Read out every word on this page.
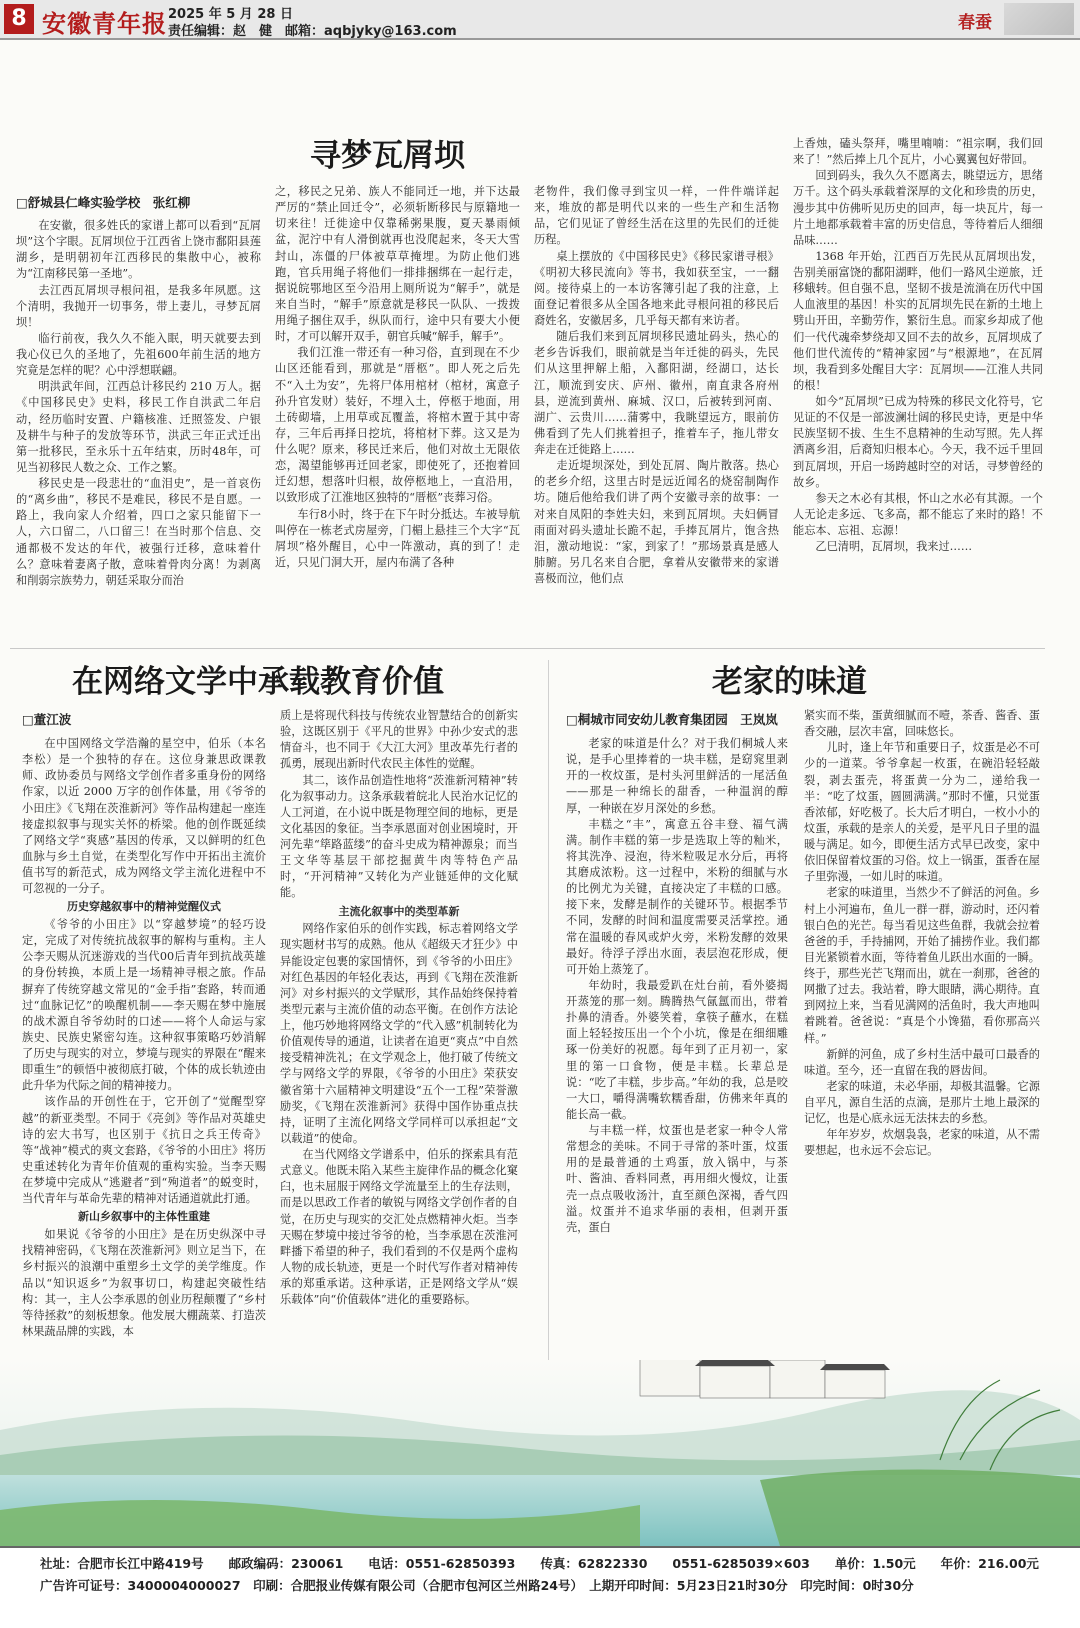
8 安徽青年报 2025 年 5 月 28 日
责任编辑：赵　健　邮箱：aqbjyky@163.com	春蚕
寻梦瓦屑坝
□舒城县仁峰实验学校　张红柳

在安徽，很多姓氏的家谱上都可以看到“瓦屑坝”这个字眼。瓦屑坝位于江西省上饶市鄱阳县莲湖乡，是明朝初年江西移民的集散中心，被称为“江南移民第一圣地”。

去江西瓦屑坝寻根问祖，是我多年夙愿。这个清明，我抛开一切事务，带上妻儿，寻梦瓦屑坝！

临行前夜，我久久不能入眠，明天就要去到我心仪已久的圣地了，先祖600年前生活的地方究竟是怎样的呢？心中浮想联翩。

明洪武年间，江西总计移民约 210 万人。据《中国移民史》史料，移民工作自洪武二年启动，经历临时安置、户籍核准、迁照签发、户银及耕牛与种子的发放等环节，洪武三年正式迁出第一批移民，至永乐十五年结束，历时48年，可见当初移民人数之众、工作之繁。

移民史是一段悲壮的“血泪史”，是一首哀伤的“离乡曲”，移民不是难民，移民不是自愿。一路上，我向家人介绍着，四口之家只能留下一人，六口留二，八口留三！在当时那个信息、交通都极不发达的年代，被强行迁移，意味着什么？意味着妻离子散，意味着骨肉分离！为剥离和削弱宗族势力，朝廷采取分而治

之，移民之兄弟、族人不能同迁一地，并下达最严厉的“禁止回迁令”，必须斩断移民与原籍地一切来往！迁徙途中仅靠稀粥果腹，夏天暴雨倾盆，泥泞中有人滑倒就再也没爬起来，冬天大雪封山，冻僵的尸体被草草掩埋。为防止他们逃跑，官兵用绳子将他们一排排捆绑在一起行走，据说皖鄂地区至今沿用上厕所说为“解手”，就是来自当时，“解手”原意就是移民一队队、一拨拨用绳子捆住双手，纵队而行，途中只有要大小便时，才可以解开双手，朝官兵喊“解手，解手”。

我们江淮一带还有一种习俗，直到现在不少山区还能看到，那就是“厝柩”。即人死之后先不“入土为安”，先将尸体用棺材（棺材，寓意子孙升官发财）装好，不埋入土，停柩于地面，用土砖砌墙，上用草或瓦覆盖，将棺木置于其中寄存，三年后再择日挖坑，将棺材下葬。这又是为什么呢？原来，移民迁来后，他们对故土无限依恋，渴望能够再迁回老家，即使死了，还抱着回迁幻想，想落叶归根，故停柩地上，一直沿用，以致形成了江淮地区独特的“厝柩”丧葬习俗。

车行8小时，终于在下午时分抵达。车被导航叫停在一栋老式房屋旁，门楣上悬挂三个大字“瓦屑坝”格外醒目，心中一阵激动，真的到了！走近，只见门洞大开，屋内布满了各种

老物件，我们像寻到宝贝一样，一件件端详起来，堆放的都是明代以来的一些生产和生活物品，它们见证了曾经生活在这里的先民们的迁徙历程。

桌上摆放的《中国移民史》《移民家谱寻根》《明初大移民流向》等书，我如获至宝，一一翻阅。接待桌上的一本访客簿引起了我的注意，上面登记着很多从全国各地来此寻根问祖的移民后裔姓名，安徽居多，几乎每天都有来访者。

随后我们来到瓦屑坝移民遗址码头，热心的老乡告诉我们，眼前就是当年迁徙的码头，先民们从这里押解上船，入鄱阳湖，经湖口，达长江，顺流到安庆、庐州、徽州，南直隶各府州县，逆流到黄州、麻城、汉口，后被转到河南、湖广、云贵川……蒲雾中，我眺望远方，眼前仿佛看到了先人们挑着担子，推着车子，拖儿带女奔走在迁徙路上……

走近堤坝深处，到处瓦屑、陶片散落。热心的老乡介绍，这里古时是远近闻名的烧窑制陶作坊。随后他给我们讲了两个安徽寻亲的故事：一对来自凤阳的李姓夫妇，来到瓦屑坝。夫妇俩冒雨面对码头遗址长跪不起，手捧瓦屑片，饱含热泪，激动地说：“家，到家了！”那场景真是感人肺腑。另几名来自合肥，拿着从安徽带来的家谱喜极而泣，他们点

上香烛，磕头祭拜，嘴里喃喃：“祖宗啊，我们回来了！”然后捧上几个瓦片，小心翼翼包好带回。

回到码头，我久久不愿离去，眺望远方，思绪万千。这个码头承载着深厚的文化和珍贵的历史，漫步其中仿佛听见历史的回声，每一块瓦片，每一片土地都承载着丰富的历史信息，等待着后人细细品味……

1368 年开始，江西百万先民从瓦屑坝出发，告别美丽富饶的鄱阳湖畔，他们一路风尘逆旅，迁移蛾转。但自强不息，坚韧不拔是流淌在历代中国人血液里的基因！朴实的瓦屑坝先民在新的土地上劈山开田，辛勤劳作，繁衍生息。而家乡却成了他们一代代魂牵梦绕却又回不去的故乡，瓦屑坝成了他们世代流传的“精神家园”与“根源地”，在瓦屑坝，我看到多处醒目大字：瓦屑坝——江淮人共同的根！

如今“瓦屑坝”已成为特殊的移民文化符号，它见证的不仅是一部波澜壮阔的移民史诗，更是中华民族坚韧不拔、生生不息精神的生动写照。先人挥洒离乡泪，后裔知归根本心。今天，我不远千里回到瓦屑坝，开启一场跨越时空的对话，寻梦曾经的故乡。

参天之木必有其根，怀山之水必有其源。一个人无论走多远、飞多高，都不能忘了来时的路！不能忘本、忘祖、忘源！

乙巳清明，瓦屑坝，我来过……

在网络文学中承载教育价值
□董江波

在中国网络文学浩瀚的星空中，伯乐（本名李松）是一个独特的存在。这位身兼思政课教师、政协委员与网络文学创作者多重身份的网络作家，以近 2000 万字的创作体量，用《爷爷的小田庄》《飞翔在茨淮新河》等作品构建起一座连接虚拟叙事与现实关怀的桥梁。他的创作既延续了网络文学“爽感”基因的传承，又以鲜明的红色血脉与乡土自觉，在类型化写作中开拓出主流价值书写的新范式，成为网络文学主流化进程中不可忽视的一分子。

历史穿越叙事中的精神觉醒仪式

《爷爷的小田庄》以“穿越梦境”的轻巧设定，完成了对传统抗战叙事的解构与重构。主人公李天赐从沉迷游戏的当代00后青年到抗战英雄的身份转换，本质上是一场精神寻根之旅。作品摒弃了传统穿越文常见的“金手指”套路，转而通过“血脉记忆”的唤醒机制——李天赐在梦中施展的战术源自爷爷幼时的口述——将个人命运与家族史、民族史紧密勾连。这种叙事策略巧妙消解了历史与现实的对立，梦境与现实的界限在“醒来即重生”的顿悟中被彻底打破，个体的成长轨迹由此升华为代际之间的精神接力。

该作品的开创性在于，它开创了“觉醒型穿越”的新亚类型。不同于《亮剑》等作品对英雄史诗的宏大书写，也区别于《抗日之兵王传奇》等“战神”模式的爽文套路，《爷爷的小田庄》将历史重述转化为青年价值观的重构实验。当李天赐在梦境中完成从“逃避者”到“殉道者”的蜕变时，当代青年与革命先辈的精神对话通道就此打通。

新山乡叙事中的主体性重建

如果说《爷爷的小田庄》是在历史纵深中寻找精神密码，《飞翔在茨淮新河》则立足当下，在乡村振兴的浪潮中重塑乡土文学的美学维度。作品以“知识返乡”为叙事切口，构建起突破性结构：其一，主人公李承恩的创业历程颠覆了“乡村等待拯救”的刻板想象。他发展大棚蔬菜、打造茨林果蔬品牌的实践，本

质上是将现代科技与传统农业智慧结合的创新实验，这既区别于《平凡的世界》中孙少安式的悲情奋斗，也不同于《大江大河》里改革先行者的孤勇，展现出新时代农民主体性的觉醒。

其二，该作品创造性地将“茨淮新河精神”转化为叙事动力。这条承载着皖北人民治水记忆的人工河道，在小说中既是物理空间的地标，更是文化基因的象征。当李承恩面对创业困境时，开河先辈“筚路蓝缕”的奋斗史成为精神源泉；而当王文华等基层干部挖掘黄牛肉等特色产品时，“开河精神”又转化为产业链延伸的文化赋能。

主流化叙事中的类型革新

网络作家伯乐的创作实践，标志着网络文学现实题材书写的成熟。他从《超级天才狂少》中异能设定包裹的家国情怀，到《爷爷的小田庄》对红色基因的年轻化表达，再到《飞翔在茨淮新河》对乡村振兴的文学赋形，其作品始终保持着类型元素与主流价值的动态平衡。在创作方法论上，他巧妙地将网络文学的“代入感”机制转化为价值观传导的通道，让读者在追更“爽点”中自然接受精神洗礼；在文学观念上，他打破了传统文学与网络文学的界限，《爷爷的小田庄》荣获安徽省第十六届精神文明建设“五个一工程”荣誉激励奖，《飞翔在茨淮新河》获得中国作协重点扶持，证明了主流化网络文学同样可以承担起“文以载道”的使命。

在当代网络文学谱系中，伯乐的探索具有范式意义。他既未陷入某些主旋律作品的概念化窠臼，也未屈服于网络文学流量至上的生存法则，而是以思政工作者的敏锐与网络文学创作者的自觉，在历史与现实的交汇处点燃精神火炬。当李天赐在梦境中接过爷爷的枪，当李承恩在茨淮河畔播下希望的种子，我们看到的不仅是两个虚构人物的成长轨迹，更是一个时代写作者对精神传承的郑重承诺。这种承诺，正是网络文学从“娱乐载体”向“价值载体”进化的重要路标。

老家的味道
□桐城市同安幼儿教育集团园　王岚岚

老家的味道是什么？对于我们桐城人来说，是手心里捧着的一块丰糕，是窈窕里剥开的一枚炆蛋，是村头河里鲜活的一尾活鱼——那是一种绵长的甜香，一种温润的醇厚，一种嵌在岁月深处的乡愁。

丰糕之“丰”，寓意五谷丰登、福气满满。制作丰糕的第一步是选取上等的籼米，将其洗净、浸泡，待米粒吸足水分后，再将其磨成浓粉。这一过程中，米粉的细腻与水的比例尤为关键，直接决定了丰糕的口感。接下来，发酵是制作的关键环节。根据季节不同，发酵的时间和温度需要灵活掌控。通常在温暖的春风或炉火旁，米粉发酵的效果最好。待浮子浮出水面，表层泡花形成，便可开始上蒸笼了。

年幼时，我最爱趴在灶台前，看外婆揭开蒸笼的那一刻。腾腾热气氤氲而出，带着扑鼻的清香。外婆笑着，拿筷子蘸水，在糕面上轻轻按压出一个个小坑，像是在细细雕琢一份美好的祝愿。每年到了正月初一，家里的第一口食物，便是丰糕。长辈总是说：“吃了丰糕，步步高。”年幼的我，总是咬一大口，嚼得满嘴软糯香甜，仿佛来年真的能长高一截。

与丰糕一样，炆蛋也是老家一种令人常常想念的美味。不同于寻常的茶叶蛋，炆蛋用的是最普通的土鸡蛋，放入锅中，与茶叶、酱油、香料同煮，再用细火慢炆，让蛋壳一点点吸收汤汁，直至颜色深褐，香气四溢。炆蛋并不追求华丽的表相，但剥开蛋壳，蛋白

紧实而不柴，蛋黄细腻而不噎，茶香、酱香、蛋香交融，层次丰富，回味悠长。

儿时，逢上年节和重要日子，炆蛋是必不可少的一道菜。爷爷拿起一枚蛋，在碗沿轻轻敲裂，剥去蛋壳，将蛋黄一分为二，递给我一半：“吃了炆蛋，圆圆满满。”那时不懂，只觉蛋香浓郁，好吃极了。长大后才明白，一枚小小的炆蛋，承载的是亲人的关爱，是平凡日子里的温暖与满足。如今，即便生活方式早已改变，家中依旧保留着炆蛋的习俗。炆上一锅蛋，蛋香在屋子里弥漫，一如儿时的味道。

老家的味道里，当然少不了鲜活的河鱼。乡村上小河遍布，鱼儿一群一群，游动时，还闪着银白色的光芒。每当看见这些鱼群，我就会拉着爸爸的手，手持捕网，开始了捕捞作业。我们都目光紧锁着水面，等待着鱼儿跃出水面的一瞬。终于，那些光芒飞翔而出，就在一刹那，爸爸的网撒了过去。我站着，睁大眼睛，满心期待。直到网拉上来，当看见满网的活鱼时，我大声地叫着跳着。爸爸说：“真是个小馋猫，看你那高兴样。”

新鲜的河鱼，成了乡村生活中最可口最香的味道。至今，还一直留在我的唇齿间。

老家的味道，未必华丽，却极其温馨。它源自平凡，源自生活的点滴，是那片土地上最深的记忆，也是心底永远无法抹去的乡愁。

年年岁岁，炊烟袅袅，老家的味道，从不需要想起，也永远不会忘记。

社址：合肥市长江中路419号　　邮政编码：230061　　电话：0551-62850393　　传真：62822330　　0551-6285039×603　　单价：1.50元　　年价：216.00元
广告许可证号：3400004000027　印刷：合肥报业传媒有限公司（合肥市包河区兰州路24号）　上期开印时间：5月23日21时30分　印完时间：0时30分
